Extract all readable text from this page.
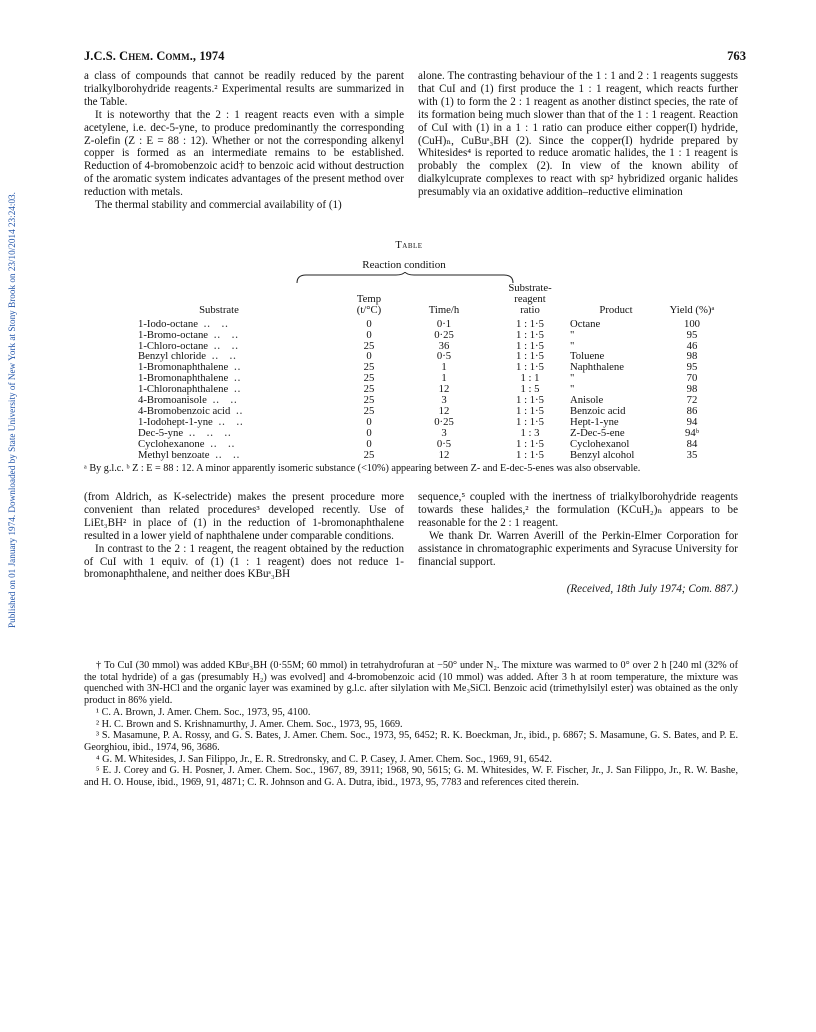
Published on 01 January 1974. Downloaded by State University of New York at Stony Brook on 23/10/2014 23:24:03.
J.C.S. Chem. Comm., 1974	763

a class of compounds that cannot be readily reduced by the parent trialkylborohydride reagents.² Experimental results are summarized in the Table.

It is noteworthy that the 2 : 1 reagent reacts even with a simple acetylene, i.e. dec-5-yne, to produce predominantly the corresponding Z-olefin (Z : E = 88 : 12). Whether or not the corresponding alkenyl copper is formed as an intermediate remains to be established. Reduction of 4-bromobenzoic acid† to benzoic acid without destruction of the aromatic system indicates advantages of the present method over reduction with metals.

The thermal stability and commercial availability of (1)

alone. The contrasting behaviour of the 1 : 1 and 2 : 1 reagents suggests that CuI and (1) first produce the 1 : 1 reagent, which reacts further with (1) to form the 2 : 1 reagent as another distinct species, the rate of its formation being much slower than that of the 1 : 1 reagent. Reaction of CuI with (1) in a 1 : 1 ratio can produce either copper(I) hydride, (CuH)ₙ, CuBuˢ₃BH (2). Since the copper(I) hydride prepared by Whitesides⁴ is reported to reduce aromatic halides, the 1 : 1 reagent is probably the complex (2). In view of the known ability of dialkylcuprate complexes to react with sp² hybridized organic halides presumably via an oxidative addition–reductive elimination

Table
Reaction condition
Substrate	Temp
(t/°C)	Time/h	Substrate-
reagent
ratio	Product	Yield (%)ᵃ
1-Iodo-octane ‥ ‥	0	0·1	1 : 1·5	Octane	100
1-Bromo-octane ‥ ‥	0	0·25	1 : 1·5	"	95
1-Chloro-octane ‥ ‥	25	36	1 : 1·5	"	46
Benzyl chloride ‥ ‥	0	0·5	1 : 1·5	Toluene	98
1-Bromonaphthalene ‥	25	1	1 : 1·5	Naphthalene	95
1-Bromonaphthalene ‥	25	1	1 : 1	"	70
1-Chloronaphthalene ‥	25	12	1 : 5	"	98
4-Bromoanisole ‥ ‥	25	3	1 : 1·5	Anisole	72
4-Bromobenzoic acid ‥	25	12	1 : 1·5	Benzoic acid	86
1-Iodohept-1-yne ‥ ‥	0	0·25	1 : 1·5	Hept-1-yne	94
Dec-5-yne ‥ ‥ ‥	0	3	1 : 3	Z-Dec-5-ene	94ᵇ
Cyclohexanone ‥ ‥	0	0·5	1 : 1·5	Cyclohexanol	84
Methyl benzoate ‥ ‥	25	12	1 : 1·5	Benzyl alcohol	35
ᵃ By g.l.c. ᵇ Z : E = 88 : 12. A minor apparently isomeric substance (<10%) appearing between Z- and E-dec-5-enes was also observable.

(from Aldrich, as K-selectride) makes the present procedure more convenient than related procedures³ developed recently. Use of LiEt₃BH² in place of (1) in the reduction of 1-bromonaphthalene resulted in a lower yield of naphthalene under comparable conditions.

In contrast to the 2 : 1 reagent, the reagent obtained by the reduction of CuI with 1 equiv. of (1) (1 : 1 reagent) does not reduce 1-bromonaphthalene, and neither does KBuˢ₃BH

sequence,⁵ coupled with the inertness of trialkylborohydride reagents towards these halides,² the formulation (KCuH₂)ₙ appears to be reasonable for the 2 : 1 reagent.

We thank Dr. Warren Averill of the Perkin-Elmer Corporation for assistance in chromatographic experiments and Syracuse University for financial support.

(Received, 18th July 1974; Com. 887.)

† To CuI (30 mmol) was added KBuˢ₃BH (0·55M; 60 mmol) in tetrahydrofuran at −50° under N₂. The mixture was warmed to 0° over 2 h [240 ml (32% of the total hydride) of a gas (presumably H₂) was evolved] and 4-bromobenzoic acid (10 mmol) was added. After 3 h at room temperature, the mixture was quenched with 3N-HCl and the organic layer was examined by g.l.c. after silylation with Me₃SiCl. Benzoic acid (trimethylsilyl ester) was obtained as the only product in 86% yield.

¹ C. A. Brown, J. Amer. Chem. Soc., 1973, 95, 4100.

² H. C. Brown and S. Krishnamurthy, J. Amer. Chem. Soc., 1973, 95, 1669.

³ S. Masamune, P. A. Rossy, and G. S. Bates, J. Amer. Chem. Soc., 1973, 95, 6452; R. K. Boeckman, Jr., ibid., p. 6867; S. Masamune, G. S. Bates, and P. E. Georghiou, ibid., 1974, 96, 3686.

⁴ G. M. Whitesides, J. San Filippo, Jr., E. R. Stredronsky, and C. P. Casey, J. Amer. Chem. Soc., 1969, 91, 6542.

⁵ E. J. Corey and G. H. Posner, J. Amer. Chem. Soc., 1967, 89, 3911; 1968, 90, 5615; G. M. Whitesides, W. F. Fischer, Jr., J. San Filippo, Jr., R. W. Bashe, and H. O. House, ibid., 1969, 91, 4871; C. R. Johnson and G. A. Dutra, ibid., 1973, 95, 7783 and references cited therein.
